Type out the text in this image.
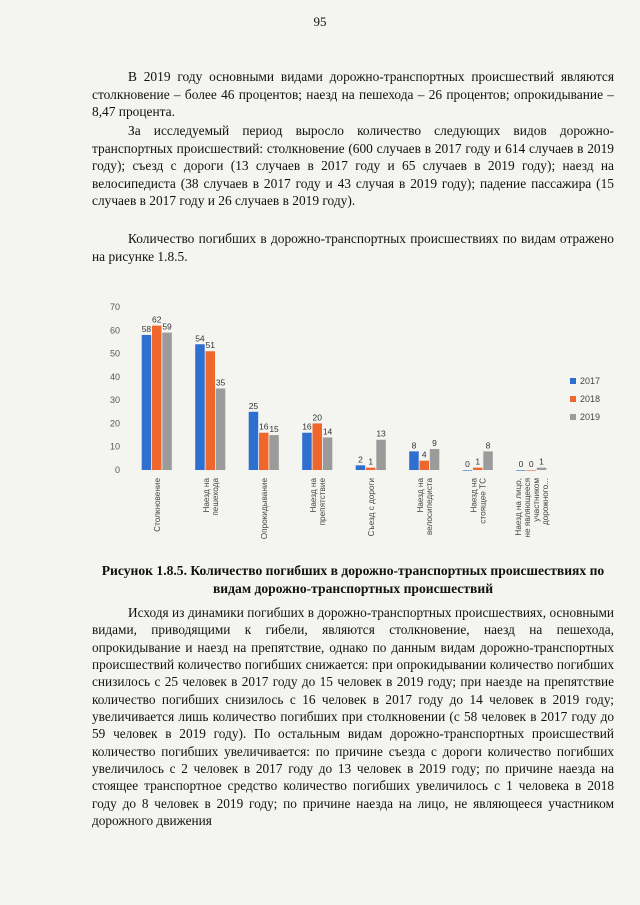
95

В 2019 году основными видами дорожно-транспортных происшествий являются столкновение – более 46 процентов; наезд на пешехода – 26 процентов; опрокидывание – 8,47 процента.

За исследуемый период выросло количество следующих видов дорожно-транспортных происшествий: столкновение (600 случаев в 2017 году и 614 случаев в 2019 году); съезд с дороги (13 случаев в 2017 году и 65 случаев в 2019 году); наезд на велосипедиста (38 случаев в 2017 году и 43 случая в 2019 году); падение пассажира (15 случаев в 2017 году и 26 случаев в 2019 году).

Количество погибших в дорожно-транспортных происшествиях по видам отражено на рисунке 1.8.5.

0
10
20
30
40
50
60
70
58
62
59
Столкновение
54
51
35
Наезд напешехода
25
16 15
Опрокидывание
16
20
14
Наезд напрепятствие
2 1
13
Съезд с дороги
8
4
9
Наезд навелосипедиста
0 1
8
Наезд настоящее ТС
0 0 1
Наезд на лицо,не являющеесяучастникомдорожного...
2017
2018
2019

Рисунок 1.8.5. Количество погибших в дорожно-транспортных происшествиях по видам дорожно-транспортных происшествий

Исходя из динамики погибших в дорожно-транспортных происшествиях, основными видами, приводящими к гибели, являются столкновение, наезд на пешехода, опрокидывание и наезд на препятствие, однако по данным видам дорожно-транспортных происшествий количество погибших снижается: при опрокидывании количество погибших снизилось с 25 человек в 2017 году до 15 человек в 2019 году; при наезде на препятствие количество погибших снизилось с 16 человек в 2017 году до 14 человек в 2019 году; увеличивается лишь количество погибших при столкновении (с 58 человек в 2017 году до 59 человек в 2019 году). По остальным видам дорожно-транспортных происшествий количество погибших увеличивается: по причине съезда с дороги количество погибших увеличилось с 2 человек в 2017 году до 13 человек в 2019 году; по причине наезда на стоящее транспортное средство количество погибших увеличилось с 1 человека в 2018 году до 8 человек в 2019 году; по причине наезда на лицо, не являющееся участником дорожного движения
